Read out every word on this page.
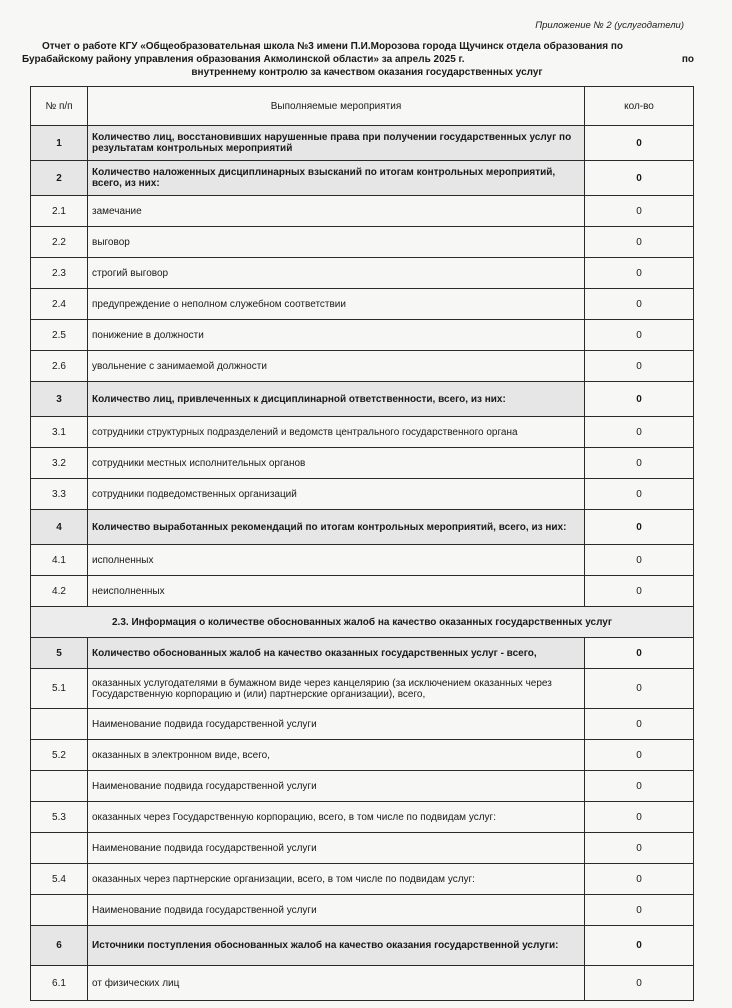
Приложение № 2 (услугодатели)
Отчет о работе КГУ «Общеобразовательная школа №3 имени П.И.Морозова города Щучинск отдела образования по
Бурабайскому району управления образования Акмолинской области» за апрель 2025 г.	по
внутреннему контролю за качеством оказания государственных услуг
№ п/п	Выполняемые мероприятия	кол-во
1	Количество лиц, восстановивших нарушенные права при получении государственных услуг по результатам контрольных мероприятий	0
2	Количество наложенных дисциплинарных взысканий по итогам контрольных мероприятий, всего, из них:	0
2.1	замечание	0
2.2	выговор	0
2.3	строгий выговор	0
2.4	предупреждение о неполном служебном соответствии	0
2.5	понижение в должности	0
2.6	увольнение с занимаемой должности	0
3	Количество лиц, привлеченных к дисциплинарной ответственности, всего, из них:	0
3.1	сотрудники структурных подразделений и ведомств центрального государственного органа	0
3.2	сотрудники местных исполнительных органов	0
3.3	сотрудники подведомственных организаций	0
4	Количество выработанных рекомендаций по итогам контрольных мероприятий, всего, из них:	0
4.1	исполненных	0
4.2	неисполненных	0
2.3. Информация о количестве обоснованных жалоб на качество оказанных государственных услуг		
5	Количество обоснованных жалоб на качество оказанных государственных услуг - всего,	0
5.1	оказанных услугодателями в бумажном виде через канцелярию (за исключением оказанных через Государственную корпорацию и (или) партнерские организации), всего,	0
	Наименование подвида государственной услуги	0
5.2	оказанных в электронном виде, всего,	0
	Наименование подвида государственной услуги	0
5.3	оказанных через Государственную корпорацию, всего, в том числе по подвидам услуг:	0
	Наименование подвида государственной услуги	0
5.4	оказанных через партнерские организации, всего, в том числе по подвидам услуг:	0
	Наименование подвида государственной услуги	0
6	Источники поступления обоснованных жалоб на качество оказания государственной услуги:	0
6.1	от физических лиц	0
